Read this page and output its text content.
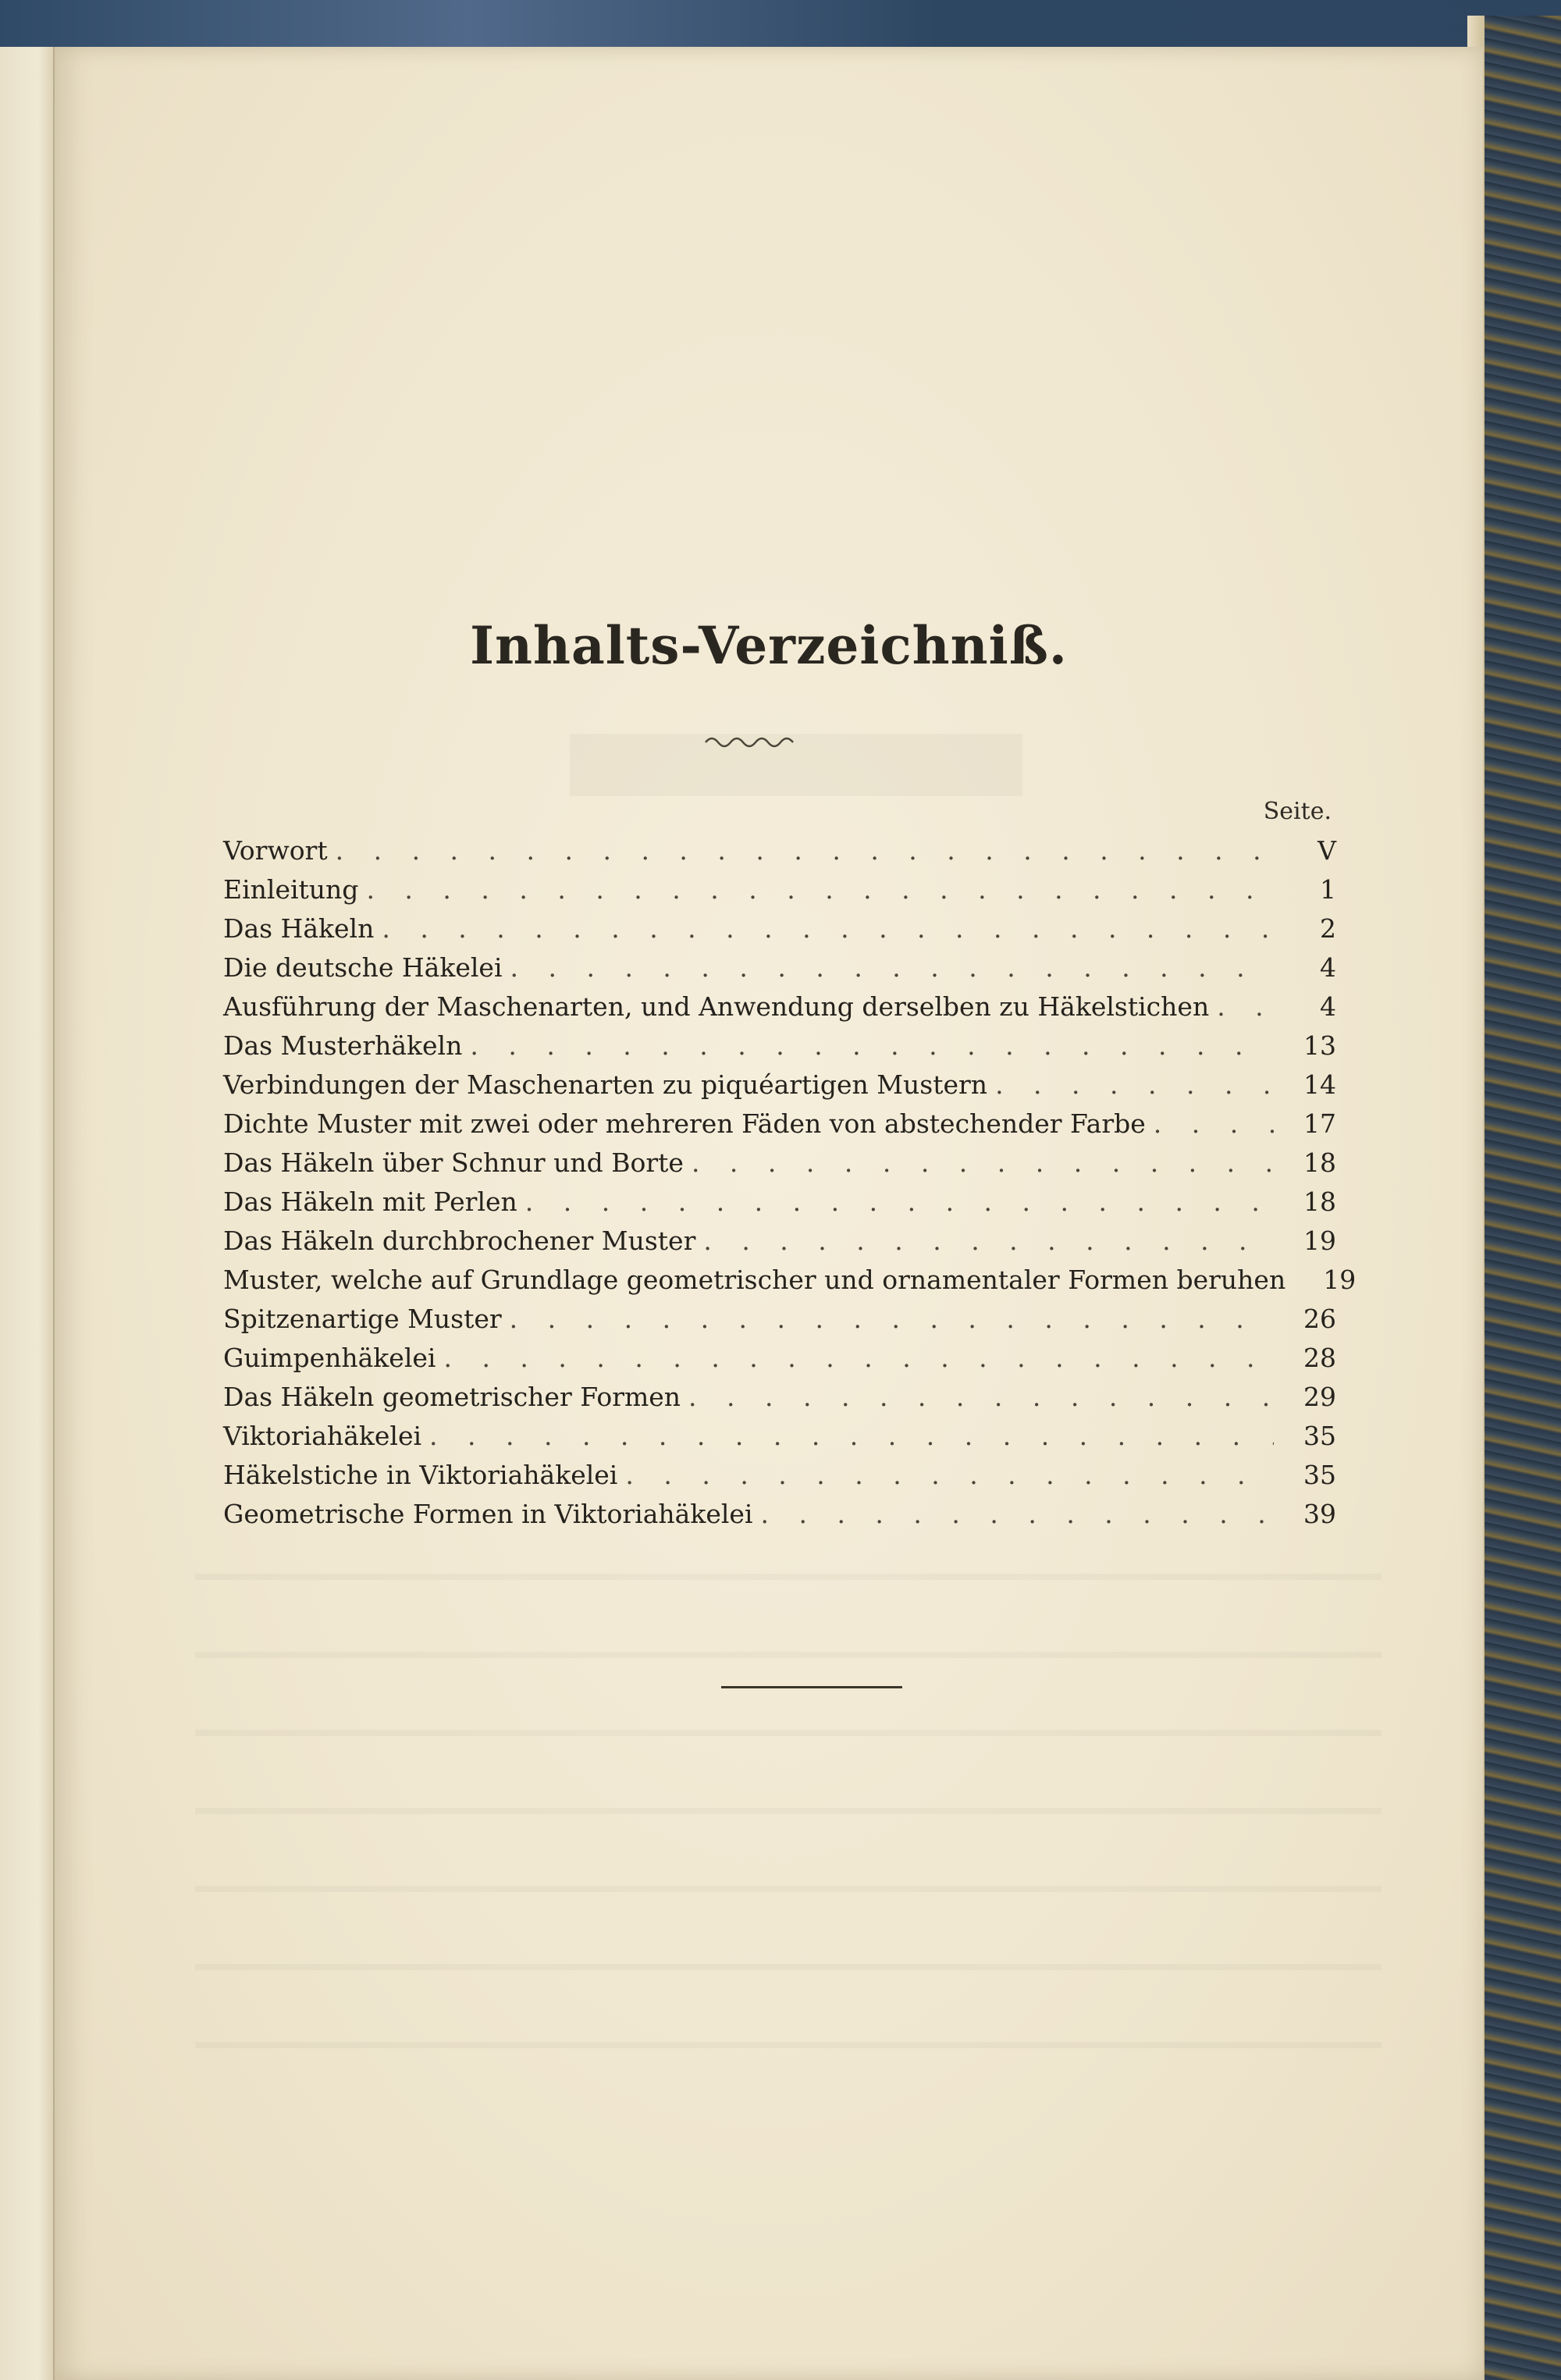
Inhalts-Verzeichniß.
Seite.
Vorwort . . .	V
Einleitung . . .	1
Das Häkeln . . .	2
Die deutsche Häkelei . . .	4
Ausführung der Maschenarten, und Anwendung derselben zu Häkelstichen . . .	4
Das Musterhäkeln . . .	13
Verbindungen der Maschenarten zu piquéartigen Mustern . . .	14
Dichte Muster mit zwei oder mehreren Fäden von abstechender Farbe . . .	17
Das Häkeln über Schnur und Borte . . .	18
Das Häkeln mit Perlen . . .	18
Das Häkeln durchbrochener Muster . . .	19
Muster, welche auf Grundlage geometrischer und ornamentaler Formen beruhen	19
Spitzenartige Muster . . .	26
Guimpenhäkelei . . .	28
Das Häkeln geometrischer Formen . . .	29
Viktoriahäkelei . . .	35
Häkelstiche in Viktoriahäkelei . . .	35
Geometrische Formen in Viktoriahäkelei . . .	39
